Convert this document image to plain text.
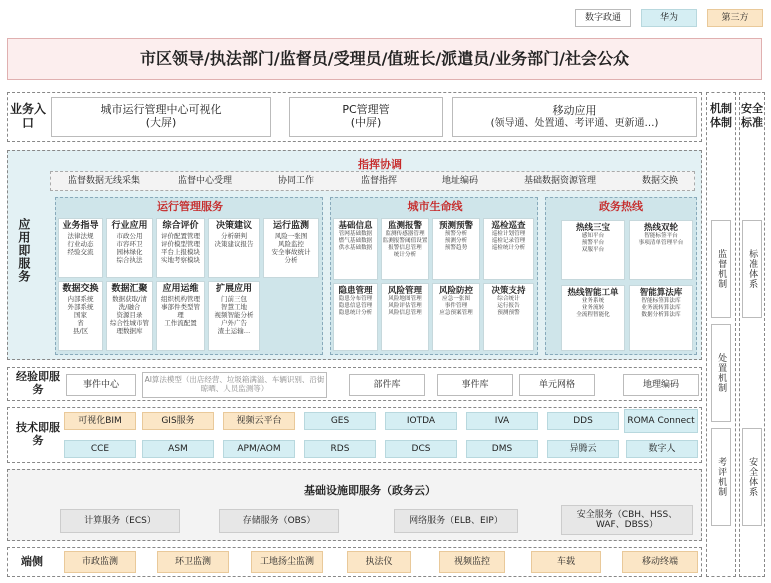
数字政通	华为	第三方
市区领导/执法部门/监督员/受理员/值班长/派遣员/业务部门/社会公众
业务入口
城市运行管理中心可视化
(大屏)
PC管理管
(中屏)
移动应用
(领导通、处置通、考评通、更新通…)
应用即服务
指挥协调
监督数据无线采集	监督中心受理	协同工作	监督指挥	地址编码	基础数据资源管理	数据交换
运行管理服务
业务指导
法律法规
行业动态
经验交流
行业应用
市政公用
市容环卫
园林绿化
综合执法
综合评价
评价配置管理
评价模型管理
平台上报模块
实地考察模块
决策建议
分析研判
决策建议报告
运行监测
风险一张图
风险监控
安全事故统计
分析
数据交换
内部系统
外部系统
国家
省
县/区
数据汇聚
数据获取/清
洗/融合
资源目录
综合性城市管
理数据库
应用运维
组织机构管理
事部件类型管
理
工作流配置
扩展应用
门前三包
智慧工地
视频智能分析
户外广告
渣土运输…
城市生命线
基础信息
管网基础数据
燃气基础数据
供水基础数据
监测报警
监测传感器管理
监测报警阈值设置
报警信息管理
统计分析
预测预警
预警分析
预测分析
预警趋势
巡检巡查
巡检计划管理
巡检记录管理
巡检统计分析
隐患管理
隐患分布管理
隐患信息管理
隐患统计分析
风险管理
风险地图管理
风险评估管理
风险信息管理
风险防控
应急一张图
事件管理
应急预案管理
决策支持
综合统计
运行报告
预测预警
政务热线
热线三宝
感知平台
预警平台
双服平台
热线双轮
智能标签平台
事项清单管理平台
热线智能工单
业务系统
业务流转
全流程智能化
智能算法库
智能标签算法库
业务流转算法库
数据分析算法库
经验即服务	事件中心	AI算法模型（出店经营、垃圾箱满溢、车辆识别、沿街晾晒、人员监测等）	部件库	事件库	单元网格	地理编码
技术即服务
可视化BIM	GIS服务	视频云平台	GES	IOTDA	IVA	DDS	ROMA Connect
CCE	ASM	APM/AOM	RDS	DCS	DMS	异腾云	数字人
基础设施即服务（政务云）
计算服务（ECS）	存储服务（OBS）	网络服务（ELB、EIP）
安全服务（CBH、HSS、WAF、DBSS）
端侧	市政监测	环卫监测	工地扬尘监测	执法仪	视频监控	车载	移动终端
机制体制
监督机制
处置机制
考评机制
安全标准
标准体系
安全体系
